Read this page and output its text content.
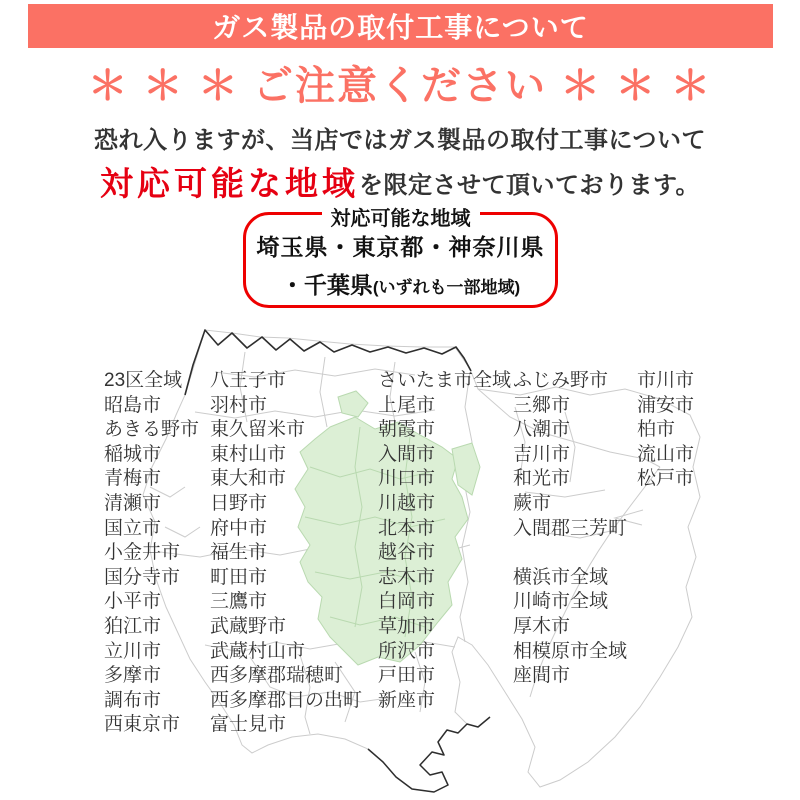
ガス製品の取付工事について
＊ ＊ ＊ ご注意ください ＊ ＊ ＊
恐れ入りますが、当店ではガス製品の取付工事について
対応可能な地域を限定させて頂いております。
対応可能な地域
埼玉県・東京都・神奈川県
・千葉県(いずれも一部地域)
23区全域
昭島市
あきる野市
稲城市
青梅市
清瀬市
国立市
小金井市
国分寺市
小平市
狛江市
立川市
多摩市
調布市
西東京市
八王子市
羽村市
東久留米市
東村山市
東大和市
日野市
府中市
福生市
町田市
三鷹市
武蔵野市
武蔵村山市
西多摩郡瑞穂町
西多摩郡日の出町
富士見市
さいたま市全域
上尾市
朝霞市
入間市
川口市
川越市
北本市
越谷市
志木市
白岡市
草加市
所沢市
戸田市
新座市
ふじみ野市
三郷市
八潮市
吉川市
和光市
蕨市
入間郡三芳町

横浜市全域
川崎市全域
厚木市
相模原市全域
座間市
市川市
浦安市
柏市
流山市
松戸市
